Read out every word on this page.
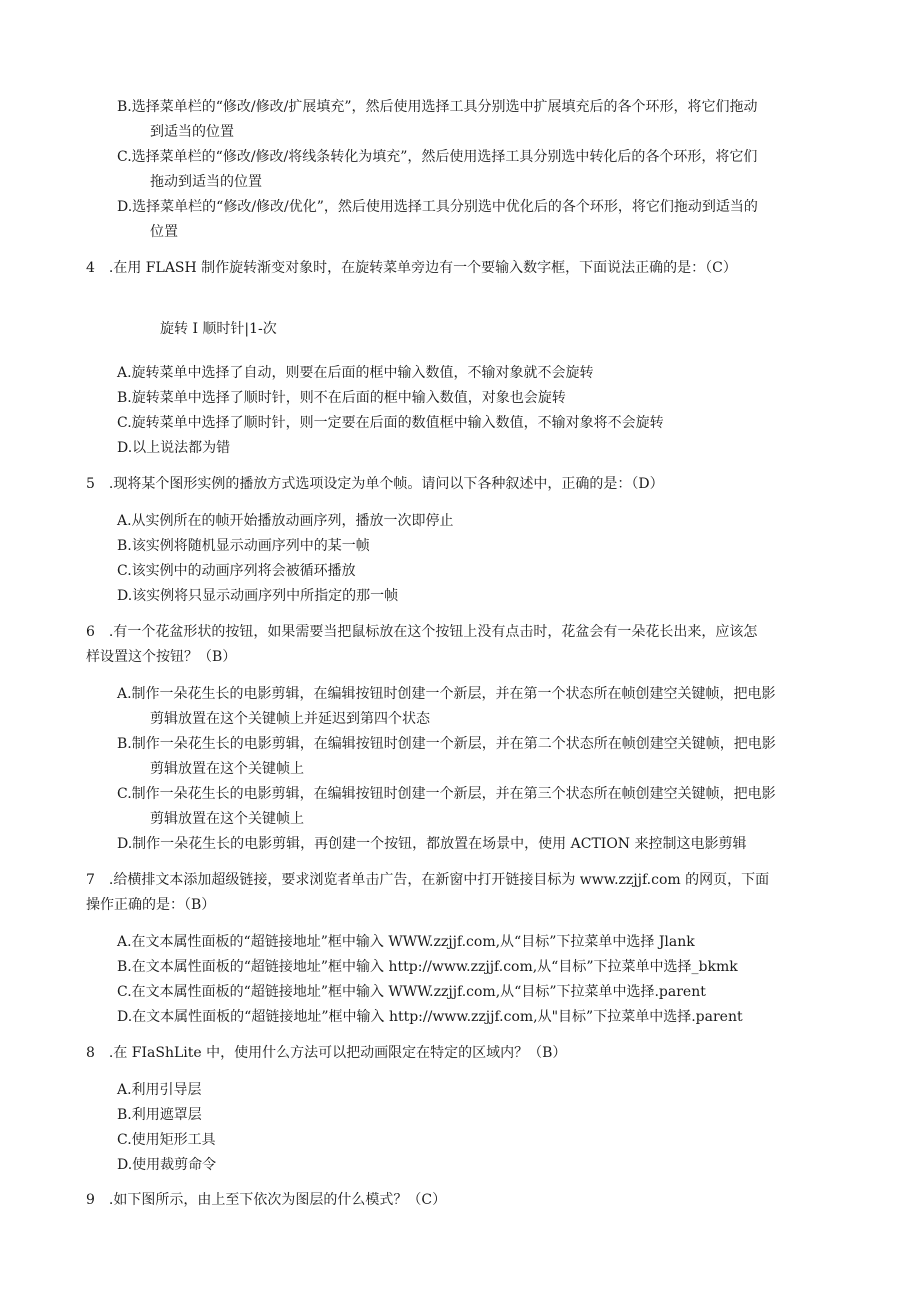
B.选择菜单栏的“修改/修改/扩展填充”，然后使用选择工具分别选中扩展填充后的各个环形，将它们拖动
到适当的位置
C.选择菜单栏的“修改/修改/将线条转化为填充”，然后使用选择工具分别选中转化后的各个环形，将它们
拖动到适当的位置
D.选择菜单栏的“修改/修改/优化”，然后使用选择工具分别选中优化后的各个环形，将它们拖动到适当的
位置
4　.在用 FLASH 制作旋转渐变对象时，在旋转菜单旁边有一个要输入数字框，下面说法正确的是：（C）
旋转 I 顺时针|1-次
A.旋转菜单中选择了自动，则要在后面的框中输入数值，不输对象就不会旋转
B.旋转菜单中选择了顺时针，则不在后面的框中输入数值，对象也会旋转
C.旋转菜单中选择了顺时针，则一定要在后面的数值框中输入数值，不输对象将不会旋转
D.以上说法都为错
5　.现将某个图形实例的播放方式选项设定为单个帧。请问以下各种叙述中，正确的是：（D）
A.从实例所在的帧开始播放动画序列，播放一次即停止
B.该实例将随机显示动画序列中的某一帧
C.该实例中的动画序列将会被循环播放
D.该实例将只显示动画序列中所指定的那一帧
6　.有一个花盆形状的按钮，如果需要当把鼠标放在这个按钮上没有点击时，花盆会有一朵花长出来，应该怎
样设置这个按钮？（B）
A.制作一朵花生长的电影剪辑，在编辑按钮时创建一个新层，并在第一个状态所在帧创建空关键帧，把电影
剪辑放置在这个关键帧上并延迟到第四个状态
B.制作一朵花生长的电影剪辑，在编辑按钮时创建一个新层，并在第二个状态所在帧创建空关键帧，把电影
剪辑放置在这个关键帧上
C.制作一朵花生长的电影剪辑，在编辑按钮时创建一个新层，并在第三个状态所在帧创建空关键帧，把电影
剪辑放置在这个关键帧上
D.制作一朵花生长的电影剪辑，再创建一个按钮，都放置在场景中，使用 ACTION 来控制这电影剪辑
7　.给横排文本添加超级链接，要求浏览者单击广告，在新窗中打开链接目标为 www.zzjjf.com 的网页，下面
操作正确的是：（B）
A.在文本属性面板的“超链接地址”框中输入 WWW.zzjjf.com,从“目标”下拉菜单中选择 Jlank
B.在文本属性面板的“超链接地址”框中输入 http://www.zzjjf.com,从“目标”下拉菜单中选择_bkmk
C.在文本属性面板的“超链接地址”框中输入 WWW.zzjjf.com,从“目标”下拉菜单中选择.parent
D.在文本属性面板的“超链接地址”框中输入 http://www.zzjjf.com,从"目标”下拉菜单中选择.parent
8　.在 FIaShLite 中，使用什么方法可以把动画限定在特定的区域内？（B）
A.利用引导层
B.利用遮罩层
C.使用矩形工具
D.使用裁剪命令
9　.如下图所示，由上至下依次为图层的什么模式？（C）
